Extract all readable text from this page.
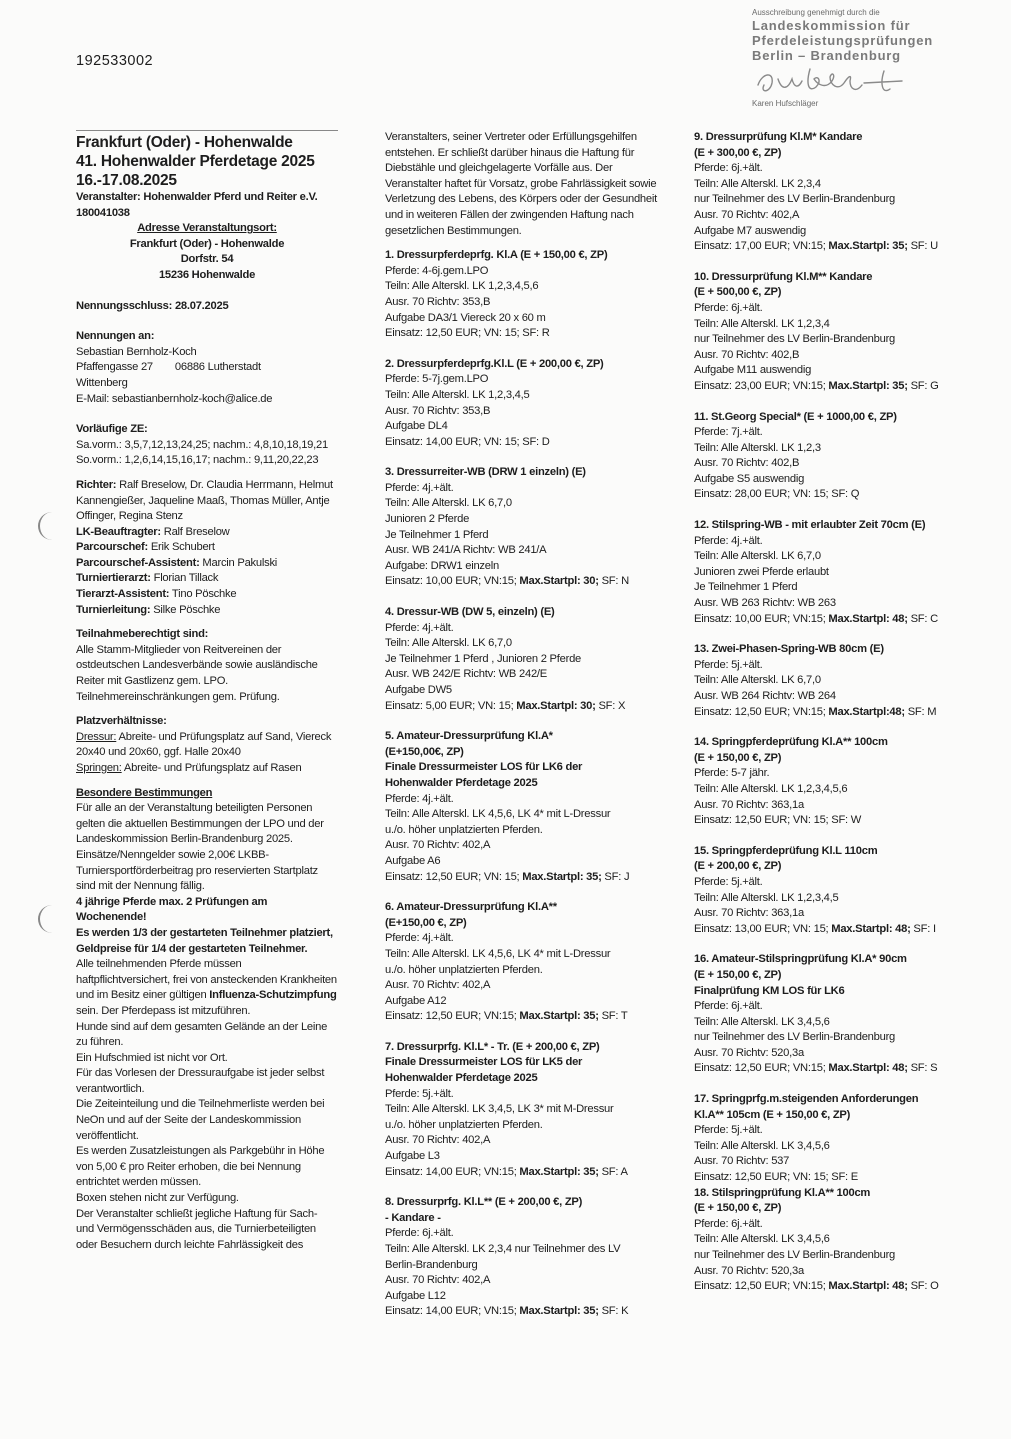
192533002
Ausschreibung genehmigt durch die
Landeskommission für
Pferdeleistungsprüfungen
Berlin – Brandenburg
Karen Hufschläger
Frankfurt (Oder) - Hohenwalde
41. Hohenwalder Pferdetage 2025
16.-17.08.2025
Veranstalter: Hohenwalder Pferd und Reiter e.V. 180041038
Adresse Veranstaltungsort:
Frankfurt (Oder) - Hohenwalde
Dorfstr. 54
15236 Hohenwalde
Nennungsschluss: 28.07.2025
Nennungen an:
Sebastian Bernholz-Koch
Pfaffengasse 27 06886 Lutherstadt
Wittenberg
E-Mail: sebastianbernholz-koch@alice.de
Vorläufige ZE:
Sa.vorm.: 3,5,7,12,13,24,25; nachm.: 4,8,10,18,19,21
So.vorm.: 1,2,6,14,15,16,17; nachm.: 9,11,20,22,23
Richter: Ralf Breselow, Dr. Claudia Herrmann, Helmut Kannengießer, Jaqueline Maaß, Thomas Müller, Antje Offinger, Regina Stenz
LK-Beauftragter: Ralf Breselow
Parcourschef: Erik Schubert
Parcourschef-Assistent: Marcin Pakulski
Turniertierarzt: Florian Tillack
Tierarzt-Assistent: Tino Pöschke
Turnierleitung: Silke Pöschke
Teilnahmeberechtigt sind:
Alle Stamm-Mitglieder von Reitvereinen der ostdeutschen Landesverbände sowie ausländische Reiter mit Gastlizenz gem. LPO. Teilnehmereinschränkungen gem. Prüfung.
Platzverhältnisse:
Dressur: Abreite- und Prüfungsplatz auf Sand, Viereck 20x40 und 20x60, ggf. Halle 20x40
Springen: Abreite- und Prüfungsplatz auf Rasen
Besondere Bestimmungen
Für alle an der Veranstaltung beteiligten Personen gelten die aktuellen Bestimmungen der LPO und der Landeskommission Berlin-Brandenburg 2025. Einsätze/Nenngelder sowie 2,00€ LKBB-Turniersportförderbeitrag pro reservierten Startplatz sind mit der Nennung fällig.
4 jährige Pferde max. 2 Prüfungen am Wochenende!
Es werden 1/3 der gestarteten Teilnehmer platziert, Geldpreise für 1/4 der gestarteten Teilnehmer.
Alle teilnehmenden Pferde müssen haftpflichtversichert, frei von ansteckenden Krankheiten und im Besitz einer gültigen Influenza-Schutzimpfung sein. Der Pferdepass ist mitzuführen.
Hunde sind auf dem gesamten Gelände an der Leine zu führen.
Ein Hufschmied ist nicht vor Ort.
Für das Vorlesen der Dressuraufgabe ist jeder selbst verantwortlich.
Die Zeiteinteilung und die Teilnehmerliste werden bei NeOn und auf der Seite der Landeskommission veröffentlicht.
Es werden Zusatzleistungen als Parkgebühr in Höhe von 5,00 € pro Reiter erhoben, die bei Nennung entrichtet werden müssen.
Boxen stehen nicht zur Verfügung.
Der Veranstalter schließt jegliche Haftung für Sach- und Vermögensschäden aus, die Turnierbeteiligten oder Besuchern durch leichte Fahrlässigkeit des
Veranstalters, seiner Vertreter oder Erfüllungsgehilfen entstehen. Er schließt darüber hinaus die Haftung für Diebstähle und gleichgelagerte Vorfälle aus. Der Veranstalter haftet für Vorsatz, grobe Fahrlässigkeit sowie Verletzung des Lebens, des Körpers oder der Gesundheit und in weiteren Fällen der zwingenden Haftung nach gesetzlichen Bestimmungen.
1. Dressurpferdeprfg. Kl.A (E + 150,00 €, ZP)
Pferde: 4-6j.gem.LPO
Teiln: Alle Alterskl. LK 1,2,3,4,5,6
Ausr. 70 Richtv: 353,B
Aufgabe DA3/1 Viereck 20 x 60 m
Einsatz: 12,50 EUR; VN: 15; SF: R
2. Dressurpferdeprfg.Kl.L (E + 200,00 €, ZP)
Pferde: 5-7j.gem.LPO
Teiln: Alle Alterskl. LK 1,2,3,4,5
Ausr. 70 Richtv: 353,B
Aufgabe DL4
Einsatz: 14,00 EUR; VN: 15; SF: D
3. Dressurreiter-WB (DRW 1 einzeln) (E)
Pferde: 4j.+ält.
Teiln: Alle Alterskl. LK 6,7,0
Junioren 2 Pferde
Je Teilnehmer 1 Pferd
Ausr. WB 241/A Richtv: WB 241/A
Aufgabe: DRW1 einzeln
Einsatz: 10,00 EUR; VN:15; Max.Startpl: 30; SF: N
4. Dressur-WB (DW 5, einzeln) (E)
Pferde: 4j.+ält.
Teiln: Alle Alterskl. LK 6,7,0
Je Teilnehmer 1 Pferd , Junioren 2 Pferde
Ausr. WB 242/E Richtv: WB 242/E
Aufgabe DW5
Einsatz: 5,00 EUR; VN: 15; Max.Startpl: 30; SF: X
5. Amateur-Dressurprüfung Kl.A*
(E+150,00€, ZP)
Finale Dressurmeister LOS für LK6 der
Hohenwalder Pferdetage 2025
Pferde: 4j.+ält.
Teiln: Alle Alterskl. LK 4,5,6, LK 4* mit L-Dressur
u./o. höher unplatzierten Pferden.
Ausr. 70 Richtv: 402,A
Aufgabe A6
Einsatz: 12,50 EUR; VN: 15; Max.Startpl: 35; SF: J
6. Amateur-Dressurprüfung Kl.A**
(E+150,00 €, ZP)
Pferde: 4j.+ält.
Teiln: Alle Alterskl. LK 4,5,6, LK 4* mit L-Dressur
u./o. höher unplatzierten Pferden.
Ausr. 70 Richtv: 402,A
Aufgabe A12
Einsatz: 12,50 EUR; VN:15; Max.Startpl: 35; SF: T
7. Dressurprfg. Kl.L* - Tr. (E + 200,00 €, ZP)
Finale Dressurmeister LOS für LK5 der
Hohenwalder Pferdetage 2025
Pferde: 5j.+ält.
Teiln: Alle Alterskl. LK 3,4,5, LK 3* mit M-Dressur
u./o. höher unplatzierten Pferden.
Ausr. 70 Richtv: 402,A
Aufgabe L3
Einsatz: 14,00 EUR; VN:15; Max.Startpl: 35; SF: A
8. Dressurprfg. Kl.L** (E + 200,00 €, ZP)
- Kandare -
Pferde: 6j.+ält.
Teiln: Alle Alterskl. LK 2,3,4 nur Teilnehmer des LV
Berlin-Brandenburg
Ausr. 70 Richtv: 402,A
Aufgabe L12
Einsatz: 14,00 EUR; VN:15; Max.Startpl: 35; SF: K
9. Dressurprüfung Kl.M* Kandare
(E + 300,00 €, ZP)
Pferde: 6j.+ält.
Teiln: Alle Alterskl. LK 2,3,4
nur Teilnehmer des LV Berlin-Brandenburg
Ausr. 70 Richtv: 402,A
Aufgabe M7 auswendig
Einsatz: 17,00 EUR; VN:15; Max.Startpl: 35; SF: U
10. Dressurprüfung Kl.M** Kandare
(E + 500,00 €, ZP)
Pferde: 6j.+ält.
Teiln: Alle Alterskl. LK 1,2,3,4
nur Teilnehmer des LV Berlin-Brandenburg
Ausr. 70 Richtv: 402,B
Aufgabe M11 auswendig
Einsatz: 23,00 EUR; VN:15; Max.Startpl: 35; SF: G
11. St.Georg Special* (E + 1000,00 €, ZP)
Pferde: 7j.+ält.
Teiln: Alle Alterskl. LK 1,2,3
Ausr. 70 Richtv: 402,B
Aufgabe S5 auswendig
Einsatz: 28,00 EUR; VN: 15; SF: Q
12. Stilspring-WB - mit erlaubter Zeit 70cm (E)
Pferde: 4j.+ält.
Teiln: Alle Alterskl. LK 6,7,0
Junioren zwei Pferde erlaubt
Je Teilnehmer 1 Pferd
Ausr. WB 263 Richtv: WB 263
Einsatz: 10,00 EUR; VN:15; Max.Startpl: 48; SF: C
13. Zwei-Phasen-Spring-WB 80cm (E)
Pferde: 5j.+ält.
Teiln: Alle Alterskl. LK 6,7,0
Ausr. WB 264 Richtv: WB 264
Einsatz: 12,50 EUR; VN:15; Max.Startpl:48; SF: M
14. Springpferdeprüfung Kl.A** 100cm
(E + 150,00 €, ZP)
Pferde: 5-7 jähr.
Teiln: Alle Alterskl. LK 1,2,3,4,5,6
Ausr. 70 Richtv: 363,1a
Einsatz: 12,50 EUR; VN: 15; SF: W
15. Springpferdeprüfung Kl.L 110cm
(E + 200,00 €, ZP)
Pferde: 5j.+ält.
Teiln: Alle Alterskl. LK 1,2,3,4,5
Ausr. 70 Richtv: 363,1a
Einsatz: 13,00 EUR; VN: 15; Max.Startpl: 48; SF: I
16. Amateur-Stilspringprüfung Kl.A* 90cm
(E + 150,00 €, ZP)
Finalprüfung KM LOS für LK6
Pferde: 6j.+ält.
Teiln: Alle Alterskl. LK 3,4,5,6
nur Teilnehmer des LV Berlin-Brandenburg
Ausr. 70 Richtv: 520,3a
Einsatz: 12,50 EUR; VN:15; Max.Startpl: 48; SF: S
17. Springprfg.m.steigenden Anforderungen
Kl.A** 105cm (E + 150,00 €, ZP)
Pferde: 5j.+ält.
Teiln: Alle Alterskl. LK 3,4,5,6
Ausr. 70 Richtv: 537
Einsatz: 12,50 EUR; VN: 15; SF: E
18. Stilspringprüfung Kl.A** 100cm
(E + 150,00 €, ZP)
Pferde: 6j.+ält.
Teiln: Alle Alterskl. LK 3,4,5,6
nur Teilnehmer des LV Berlin-Brandenburg
Ausr. 70 Richtv: 520,3a
Einsatz: 12,50 EUR; VN:15; Max.Startpl: 48; SF: O
